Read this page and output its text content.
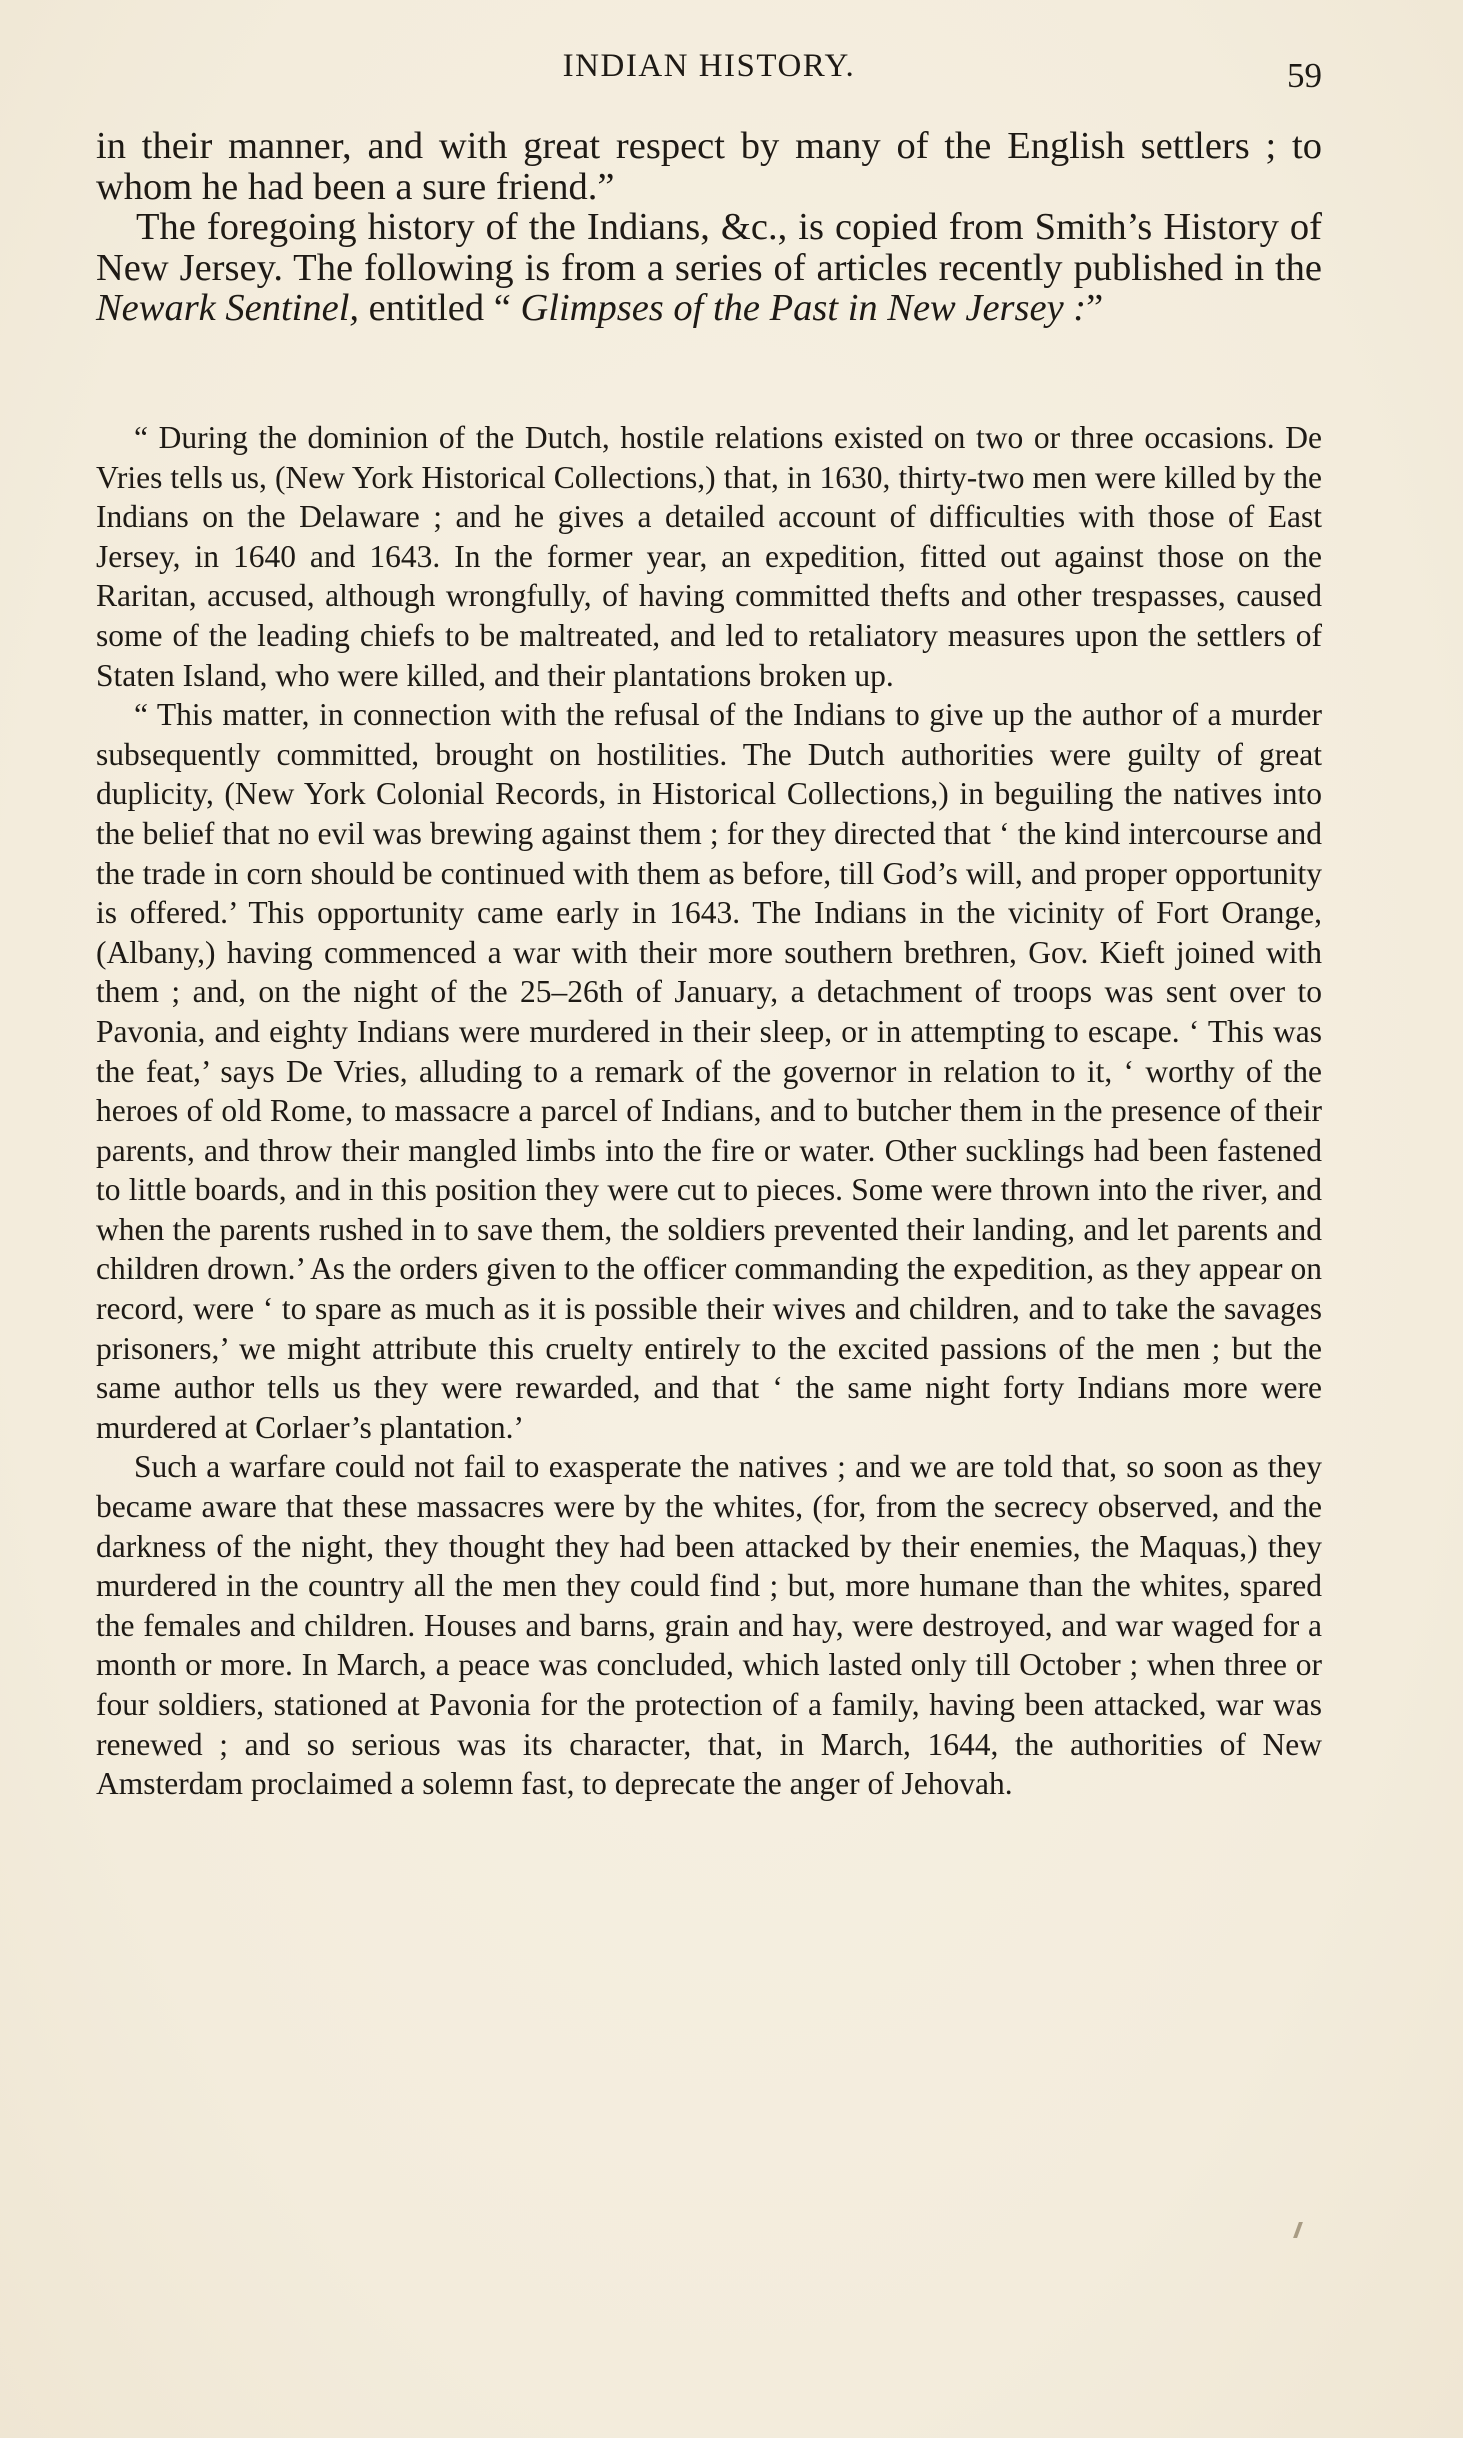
INDIAN HISTORY.	59

in their manner, and with great respect by many of the English settlers ; to whom he had been a sure friend.”

The foregoing history of the Indians, &c., is copied from Smith’s History of New Jersey. The following is from a series of articles recently published in the Newark Sentinel, entitled “ Glimpses of the Past in New Jersey :”

“ During the dominion of the Dutch, hostile relations existed on two or three occasions. De Vries tells us, (New York Historical Collections,) that, in 1630, thirty-two men were killed by the Indians on the Delaware ; and he gives a detailed account of difficulties with those of East Jersey, in 1640 and 1643. In the former year, an expedition, fitted out against those on the Raritan, accused, although wrongfully, of having committed thefts and other trespasses, caused some of the leading chiefs to be maltreated, and led to retaliatory measures upon the settlers of Staten Island, who were killed, and their plantations broken up.

“ This matter, in connection with the refusal of the Indians to give up the author of a murder subsequently committed, brought on hostilities. The Dutch authorities were guilty of great duplicity, (New York Colonial Records, in Historical Collections,) in beguiling the natives into the belief that no evil was brewing against them ; for they directed that ‘ the kind intercourse and the trade in corn should be continued with them as before, till God’s will, and proper opportunity is offered.’ This opportunity came early in 1643. The Indians in the vicinity of Fort Orange, (Albany,) having commenced a war with their more southern brethren, Gov. Kieft joined with them ; and, on the night of the 25–26th of January, a detachment of troops was sent over to Pavonia, and eighty Indians were murdered in their sleep, or in attempting to escape. ‘ This was the feat,’ says De Vries, alluding to a remark of the governor in relation to it, ‘ worthy of the heroes of old Rome, to massacre a parcel of Indians, and to butcher them in the presence of their parents, and throw their mangled limbs into the fire or water. Other sucklings had been fastened to little boards, and in this position they were cut to pieces. Some were thrown into the river, and when the parents rushed in to save them, the soldiers prevented their landing, and let parents and children drown.’ As the orders given to the officer commanding the expedition, as they appear on record, were ‘ to spare as much as it is possible their wives and children, and to take the savages prisoners,’ we might attribute this cruelty entirely to the excited passions of the men ; but the same author tells us they were rewarded, and that ‘ the same night forty Indians more were murdered at Corlaer’s plantation.’

Such a warfare could not fail to exasperate the natives ; and we are told that, so soon as they became aware that these massacres were by the whites, (for, from the secrecy observed, and the darkness of the night, they thought they had been attacked by their enemies, the Maquas,) they murdered in the country all the men they could find ; but, more humane than the whites, spared the females and children. Houses and barns, grain and hay, were destroyed, and war waged for a month or more. In March, a peace was concluded, which lasted only till October ; when three or four soldiers, stationed at Pavonia for the protection of a family, having been attacked, war was renewed ; and so serious was its character, that, in March, 1644, the authorities of New Amsterdam proclaimed a solemn fast, to deprecate the anger of Jehovah.
